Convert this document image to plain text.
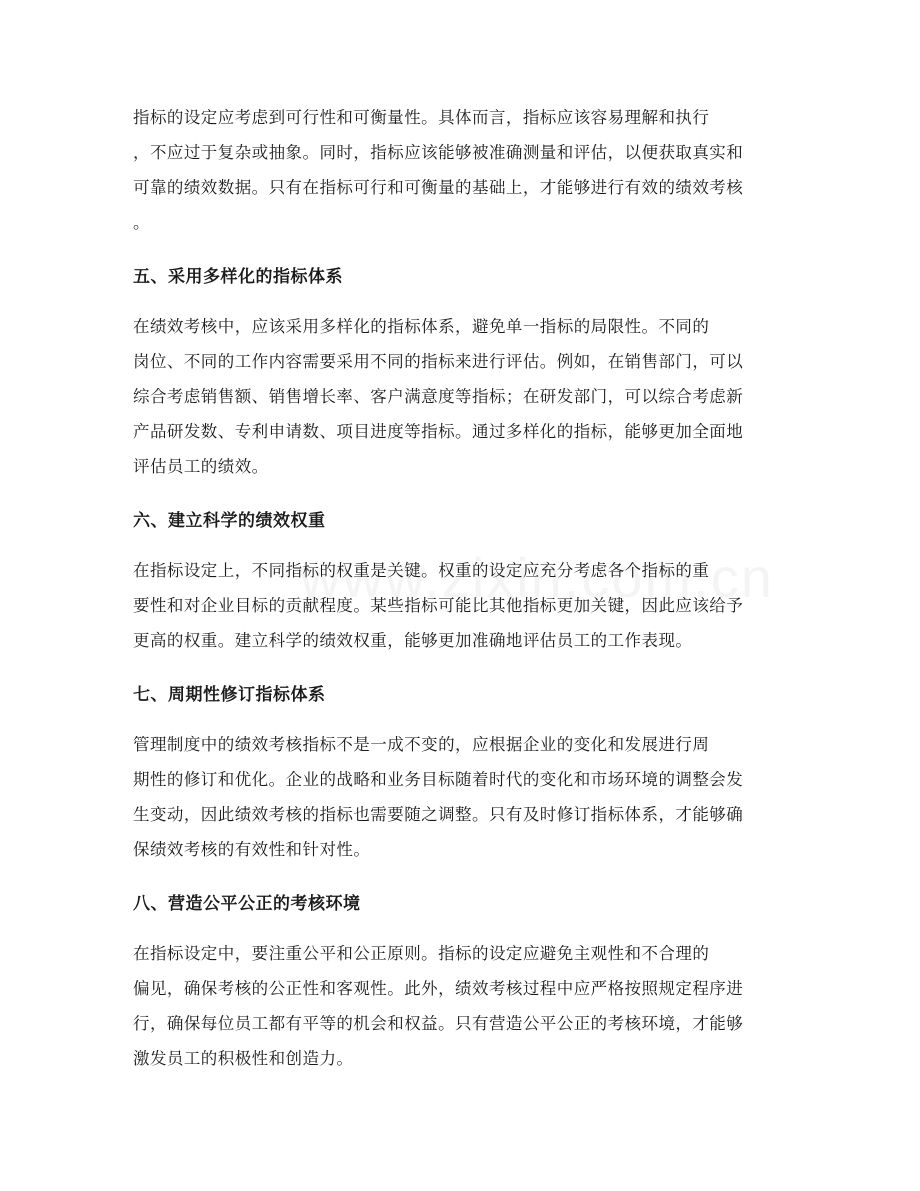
指标的设定应考虑到可行性和可衡量性。具体而言，指标应该容易理解和执行
，不应过于复杂或抽象。同时，指标应该能够被准确测量和评估，以便获取真实和
可靠的绩效数据。只有在指标可行和可衡量的基础上，才能够进行有效的绩效考核
。
五、采用多样化的指标体系
在绩效考核中，应该采用多样化的指标体系，避免单一指标的局限性。不同的
岗位、不同的工作内容需要采用不同的指标来进行评估。例如，在销售部门，可以
综合考虑销售额、销售增长率、客户满意度等指标；在研发部门，可以综合考虑新
产品研发数、专利申请数、项目进度等指标。通过多样化的指标，能够更加全面地
评估员工的绩效。
六、建立科学的绩效权重
在指标设定上，不同指标的权重是关键。权重的设定应充分考虑各个指标的重
要性和对企业目标的贡献程度。某些指标可能比其他指标更加关键，因此应该给予
更高的权重。建立科学的绩效权重，能够更加准确地评估员工的工作表现。
七、周期性修订指标体系
管理制度中的绩效考核指标不是一成不变的，应根据企业的变化和发展进行周
期性的修订和优化。企业的战略和业务目标随着时代的变化和市场环境的调整会发
生变动，因此绩效考核的指标也需要随之调整。只有及时修订指标体系，才能够确
保绩效考核的有效性和针对性。
八、营造公平公正的考核环境
在指标设定中，要注重公平和公正原则。指标的设定应避免主观性和不合理的
偏见，确保考核的公正性和客观性。此外，绩效考核过程中应严格按照规定程序进
行，确保每位员工都有平等的机会和权益。只有营造公平公正的考核环境，才能够
激发员工的积极性和创造力。
